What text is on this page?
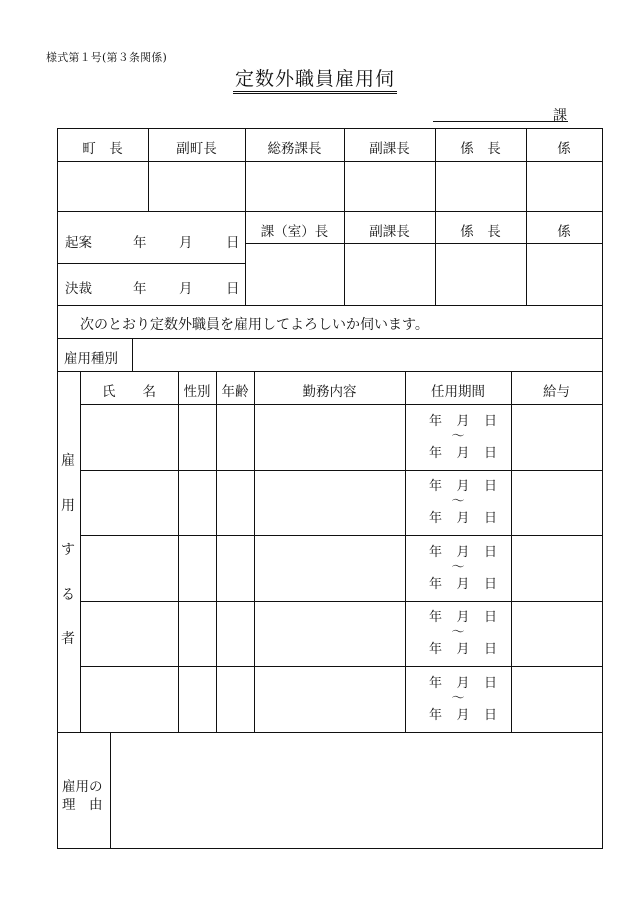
様式第１号(第３条関係)
定数外職員雇用伺
課
町　長	副町長	総務課長	副課長	係　長	係
起案	年 月 日
決裁	年 月 日
課（室）長	副課長	係　長	係
次のとおり定数外職員を雇用してよろしいか伺います。
雇用種別
雇
用
す
る
者
氏　　名	性別 年齢	勤務内容	任用期間	給与
年 月 日
〜
年 月 日
年 月 日
〜
年 月 日
年 月 日
〜
年 月 日
年 月 日
〜
年 月 日
年 月 日
〜
年 月 日
雇用の
理　由
